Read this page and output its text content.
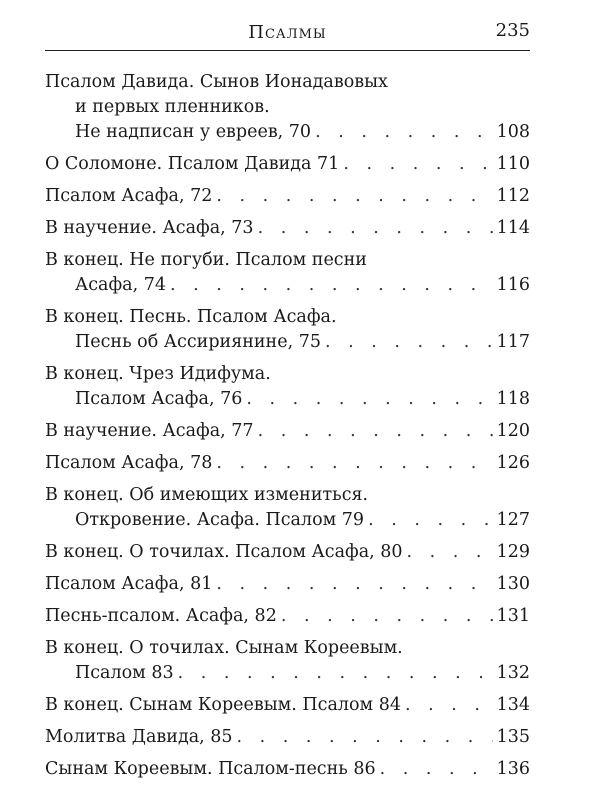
Псалмы	235
Псалом Давида. Сынов Ионадавовых
и первых пленников.
Не надписан у евреев, 70 . . .	108
О Соломоне. Псалом Давида 71 . . .	110
Псалом Асафа, 72 . . .	112
В научение. Асафа, 73 . . .	114
В конец. Не погуби. Псалом песни
Асафа, 74 . . .	116
В конец. Песнь. Псалом Асафа.
Песнь об Ассириянине, 75 . . .	117
В конец. Чрез Идифума.
Псалом Асафа, 76 . . .	118
В научение. Асафа, 77 . . .	120
Псалом Асафа, 78 . . .	126
В конец. Об имеющих измениться.
Откровение. Асафа. Псалом 79 . . .	127
В конец. О точилах. Псалом Асафа, 80 . . .	129
Псалом Асафа, 81 . . .	130
Песнь-псалом. Асафа, 82 . . .	131
В конец. О точилах. Сынам Кореевым.
Псалом 83 . . .	132
В конец. Сынам Кореевым. Псалом 84 . . .	134
Молитва Давида, 85 . . .	135
Сынам Кореевым. Псалом-песнь 86 . . .	136
